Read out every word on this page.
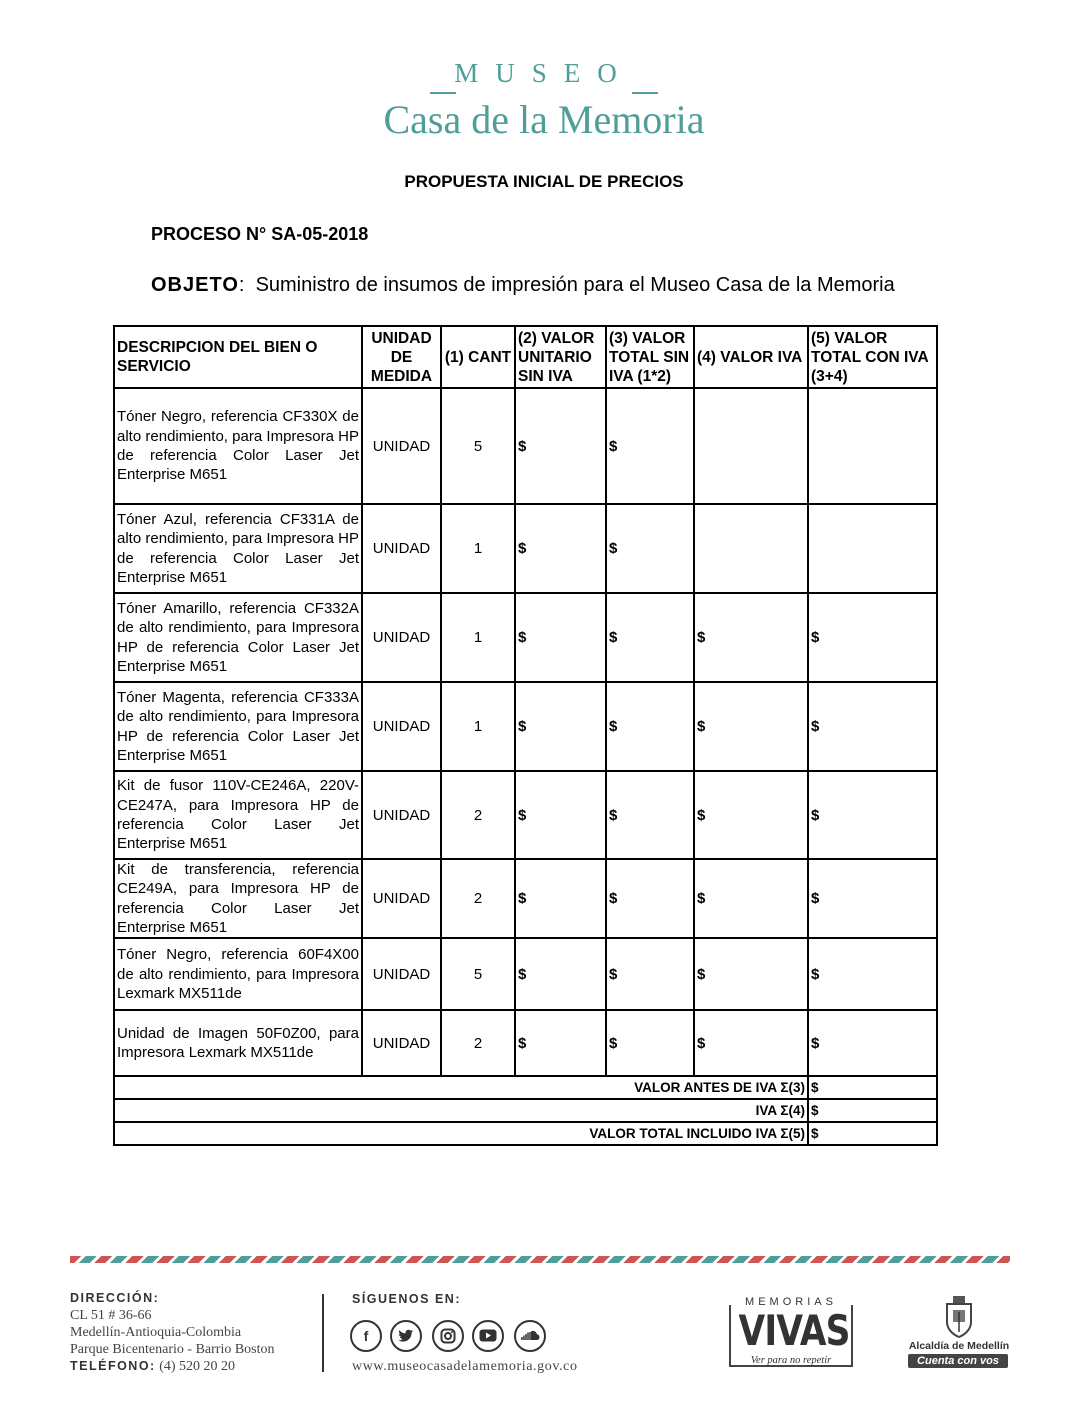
MUSEO
Casa de la Memoria
PROPUESTA INICIAL DE PRECIOS
PROCESO N° SA-05-2018
OBJETO: Suministro de insumos de impresión para el Museo Casa de la Memoria
DESCRIPCION DEL BIEN O SERVICIO	UNIDAD DE MEDIDA	(1) CANT	(2) VALOR UNITARIO SIN IVA	(3) VALOR TOTAL SIN IVA (1*2)	(4) VALOR IVA	(5) VALOR TOTAL CON IVA (3+4)
Tóner Negro, referencia CF330X de alto rendimiento, para Impresora HP de referencia Color Laser Jet Enterprise M651	UNIDAD	5	$	$		
Tóner Azul, referencia CF331A de alto rendimiento, para Impresora HP de referencia Color Laser Jet Enterprise M651	UNIDAD	1	$	$		
Tóner Amarillo, referencia CF332A de alto rendimiento, para Impresora HP de referencia Color Laser Jet Enterprise M651	UNIDAD	1	$	$	$	$
Tóner Magenta, referencia CF333A de alto rendimiento, para Impresora HP de referencia Color Laser Jet Enterprise M651	UNIDAD	1	$	$	$	$
Kit de fusor 110V-CE246A, 220V-CE247A, para Impresora HP de referencia Color Laser Jet Enterprise M651	UNIDAD	2	$	$	$	$
Kit de transferencia, referencia CE249A, para Impresora HP de referencia Color Laser Jet Enterprise M651	UNIDAD	2	$	$	$	$
Tóner Negro, referencia 60F4X00 de alto rendimiento, para Impresora Lexmark MX511de	UNIDAD	5	$	$	$	$
Unidad de Imagen 50F0Z00, para Impresora Lexmark MX511de	UNIDAD	2	$	$	$	$
VALOR ANTES DE IVA Σ(3)						$
IVA Σ(4)						$
VALOR TOTAL INCLUIDO IVA Σ(5)						$
DIRECCIÓN:
CL 51 # 36-66
Medellín-Antioquia-Colombia
Parque Bicentenario - Barrio Boston
TELÉFONO: (4) 520 20 20
SÍGUENOS EN:
f
www.museocasadelamemoria.gov.co
MEMORIAS
VIVAS
Ver para no repetir
Alcaldía de Medellín
Cuenta con vos
